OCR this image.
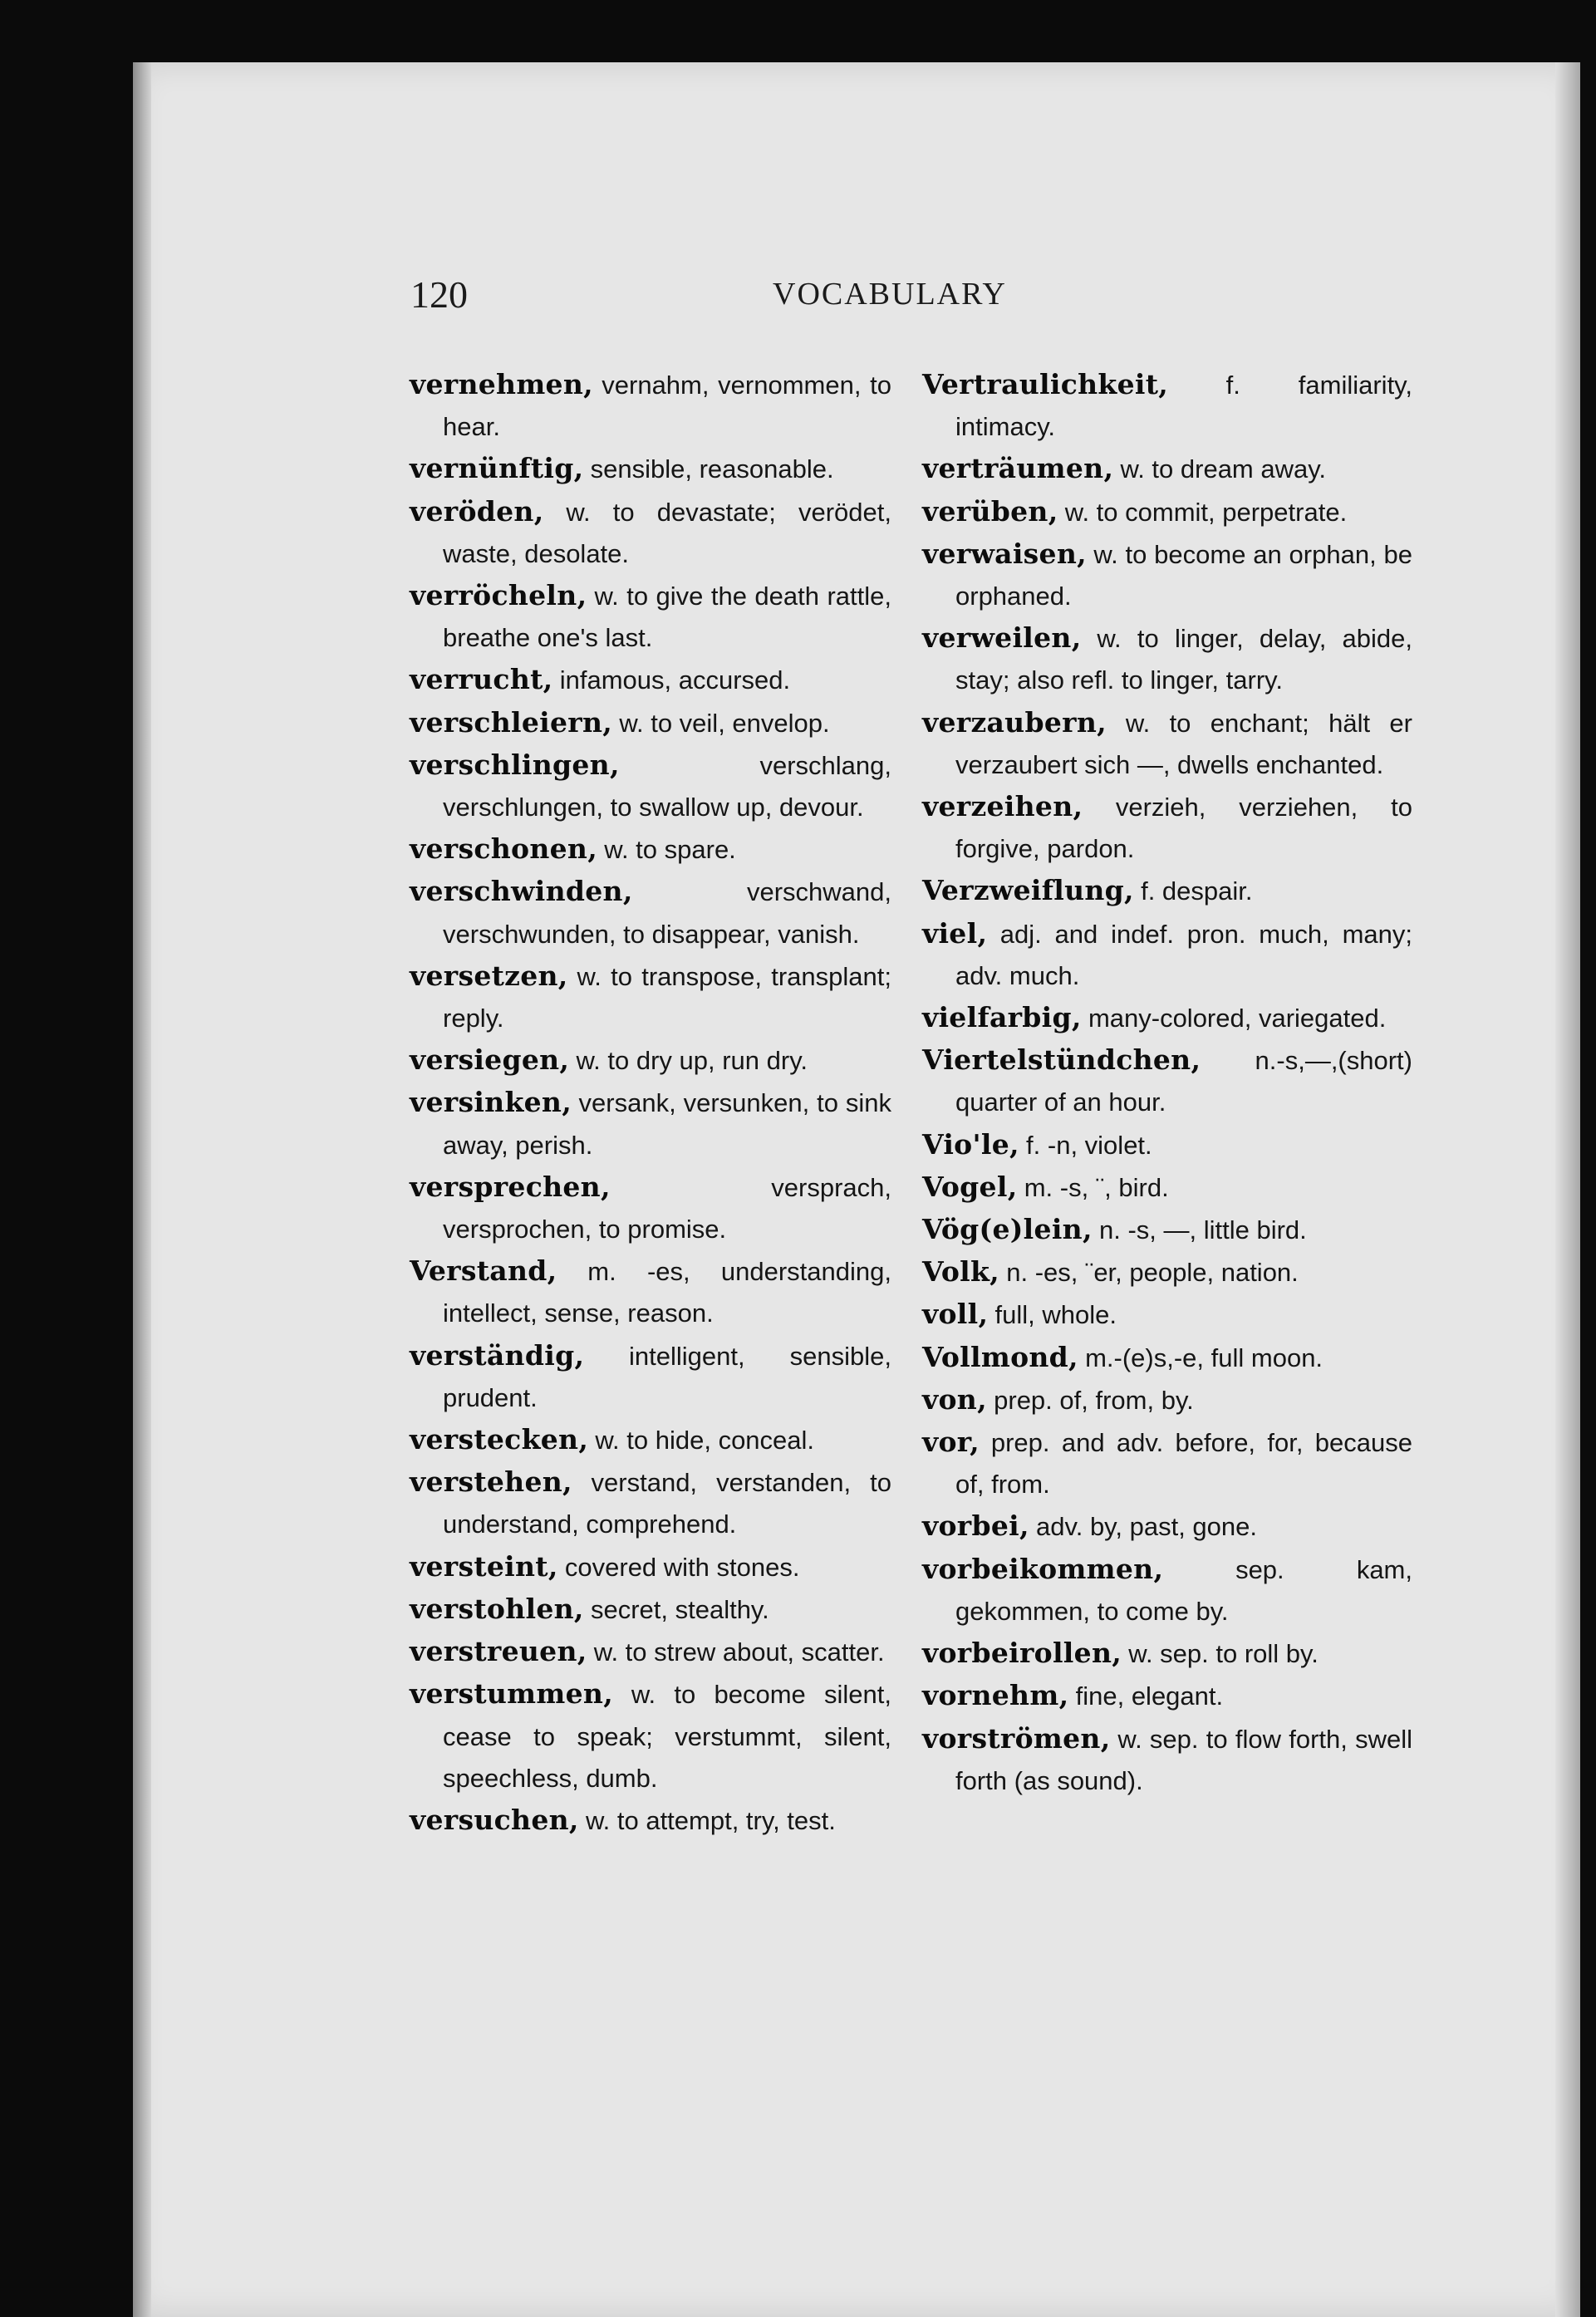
120	VOCABULARY
vernehmen, vernahm, vernommen, to hear.
vernünftig, sensible, reasonable.
veröden, w. to devastate; verödet, waste, desolate.
verröcheln, w. to give the death rattle, breathe one's last.
verrucht, infamous, accursed.
verschleiern, w. to veil, envelop.
verschlingen,	verschlang, verschlungen, to swallow up, devour.
verschonen, w. to spare.
verschwinden,	verschwand, verschwunden, to disappear, vanish.
versetzen, w. to transpose, transplant; reply.
versiegen, w. to dry up, run dry.
versinken, versank, versunken, to sink away, perish.
versprechen,	versprach, versprochen, to promise.
Verstand, m. -es, understanding, intellect, sense, reason.
verständig, intelligent, sensible, prudent.
verstecken, w. to hide, conceal.
verstehen, verstand, verstanden, to understand, comprehend.
versteint, covered with stones.
verstohlen, secret, stealthy.
verstreuen, w. to strew about, scatter.
verstummen, w. to become silent, cease to speak; verstummt, silent, speechless, dumb.
versuchen, w. to attempt, try, test.
Vertraulichkeit, f. familiarity, intimacy.
verträumen, w. to dream away.
verüben, w. to commit, perpetrate.
verwaisen, w. to become an orphan, be orphaned.
verweilen, w. to linger, delay, abide, stay; also refl. to linger, tarry.
verzaubern, w. to enchant; hält er verzaubert sich —, dwells enchanted.
verzeihen, verzieh, verziehen, to forgive, pardon.
Verzweiflung, f. despair.
viel, adj. and indef. pron. much, many; adv. much.
vielfarbig, many-colored, variegated.
Viertelstündchen, n.-s,—,(short) quarter of an hour.
Vio'le, f. -n, violet.
Vogel, m. -s, ¨, bird.
Vög(e)lein, n. -s, —, little bird.
Volk, n. -es, ¨er, people, nation.
voll, full, whole.
Vollmond, m.-(e)s,-e, full moon.
von, prep. of, from, by.
vor, prep. and adv. before, for, because of, from.
vorbei, adv. by, past, gone.
vorbeikommen,	sep. kam, gekommen, to come by.
vorbeirollen, w. sep. to roll by.
vornehm, fine, elegant.
vorströmen, w. sep. to flow forth, swell forth (as sound).
